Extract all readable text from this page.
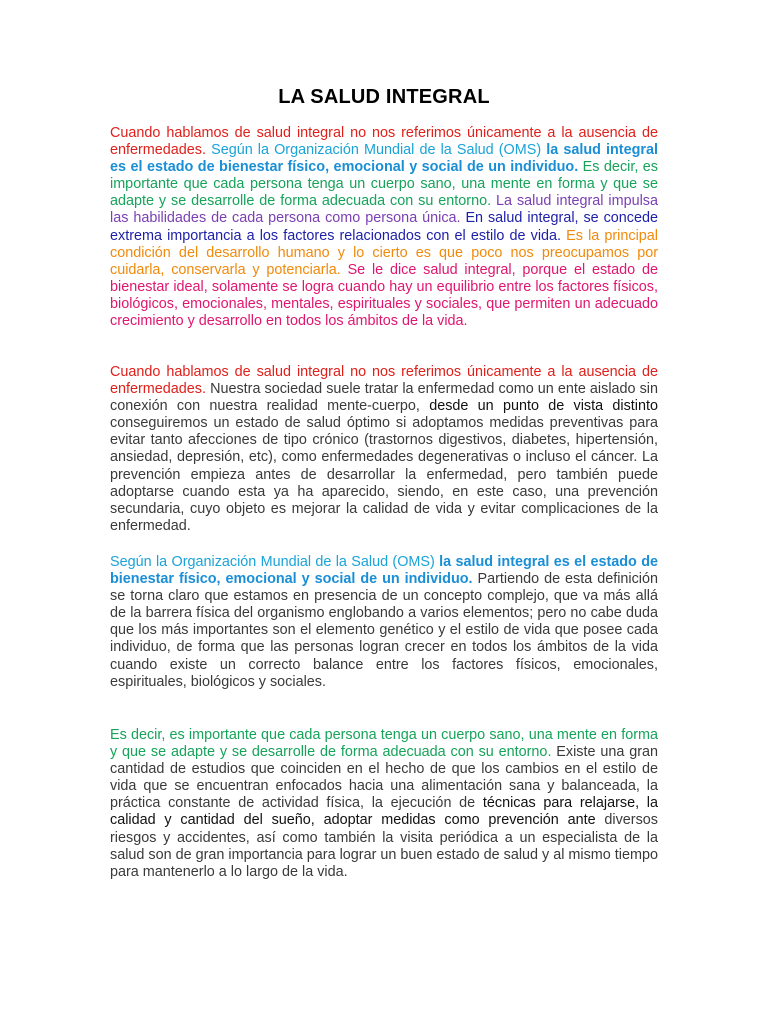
LA SALUD INTEGRAL

Cuando hablamos de salud integral no nos referimos únicamente a la ausencia de enfermedades. Según la Organización Mundial de la Salud (OMS) la salud integral es el estado de bienestar físico, emocional y social de un individuo. Es decir, es importante que cada persona tenga un cuerpo sano, una mente en forma y que se adapte y se desarrolle de forma adecuada con su entorno. La salud integral impulsa las habilidades de cada persona como persona única. En salud integral, se concede extrema importancia a los factores relacionados con el estilo de vida. Es la principal condición del desarrollo humano y lo cierto es que poco nos preocupamos por cuidarla, conservarla y potenciarla. Se le dice salud integral, porque el estado de bienestar ideal, solamente se logra cuando hay un equilibrio entre los factores físicos, biológicos, emocionales, mentales, espirituales y sociales, que permiten un adecuado crecimiento y desarrollo en todos los ámbitos de la vida.

Cuando hablamos de salud integral no nos referimos únicamente a la ausencia de enfermedades. Nuestra sociedad suele tratar la enfermedad como un ente aislado sin conexión con nuestra realidad mente-cuerpo, desde un punto de vista distinto conseguiremos un estado de salud óptimo si adoptamos medidas preventivas para evitar tanto afecciones de tipo crónico (trastornos digestivos, diabetes, hipertensión, ansiedad, depresión, etc), como enfermedades degenerativas o incluso el cáncer. La prevención empieza antes de desarrollar la enfermedad, pero también puede adoptarse cuando esta ya ha aparecido, siendo, en este caso, una prevención secundaria, cuyo objeto es mejorar la calidad de vida y evitar complicaciones de la enfermedad.

Según la Organización Mundial de la Salud (OMS) la salud integral es el estado de bienestar físico, emocional y social de un individuo. Partiendo de esta definición se torna claro que estamos en presencia de un concepto complejo, que va más allá de la barrera física del organismo englobando a varios elementos; pero no cabe duda que los más importantes son el elemento genético y el estilo de vida que posee cada individuo, de forma que las personas logran crecer en todos los ámbitos de la vida cuando existe un correcto balance entre los factores físicos, emocionales, espirituales, biológicos y sociales.

Es decir, es importante que cada persona tenga un cuerpo sano, una mente en forma y que se adapte y se desarrolle de forma adecuada con su entorno. Existe una gran cantidad de estudios que coinciden en el hecho de que los cambios en el estilo de vida que se encuentran enfocados hacia una alimentación sana y balanceada, la práctica constante de actividad física, la ejecución de técnicas para relajarse, la calidad y cantidad del sueño, adoptar medidas como prevención ante diversos riesgos y accidentes, así como también la visita periódica a un especialista de la salud son de gran importancia para lograr un buen estado de salud y al mismo tiempo para mantenerlo a lo largo de la vida.
